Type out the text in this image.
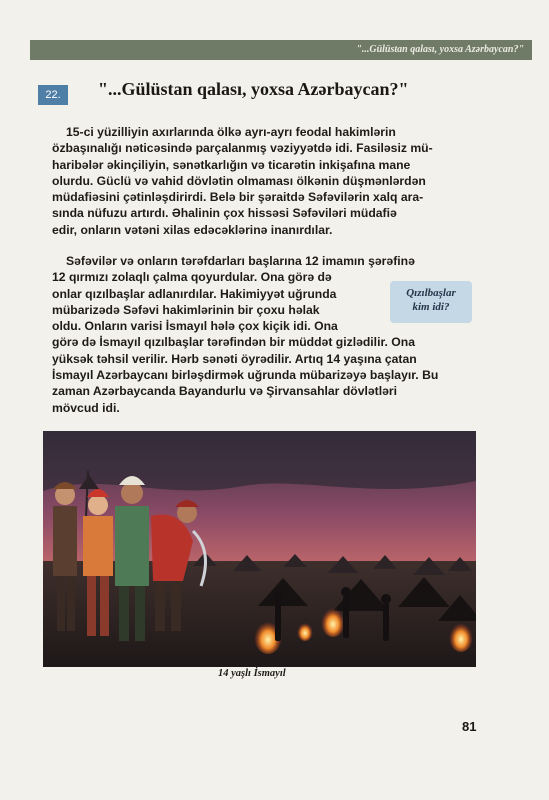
"...Gülüstan qalası, yoxsa Azərbaycan?"
22.	"...Gülüstan qalası, yoxsa Azərbaycan?"
15-ci yüzilliyin axırlarında ölkə ayrı-ayrı feodal hakimlərin
özbaşınalığı nəticəsində parçalanmış vəziyyətdə idi. Fasiləsiz mü-
haribələr əkinçiliyin, sənətkarlığın və ticarətin inkişafına mane
olurdu. Güclü və vahid dövlətin olmaması ölkənin düşmənlərdən
müdafiəsini çətinləşdirirdi. Belə bir şəraitdə Səfəvilərin xalq ara-
sında nüfuzu artırdı. Əhalinin çox hissəsi Səfəviləri müdafiə
edir, onların vətəni xilas edəcəklərinə inanırdılar.
Səfəvilər və onların tərəfdarları başlarına 12 imamın şərəfinə
12 qırmızı zolaqlı çalma qoyurdular. Ona görə də
onlar qızılbaşlar adlanırdılar. Hakimiyyət uğrunda
mübarizədə Səfəvi hakimlərinin bir çoxu həlak
oldu. Onların varisi İsmayıl hələ çox kiçik idi. Ona
görə də İsmayıl qızılbaşlar tərəfindən bir müddət gizlədilir. Ona
yüksək təhsil verilir. Hərb sənəti öyrədilir. Artıq 14 yaşına çatan
İsmayıl Azərbaycanı birləşdirmək uğrunda mübarizəyə başlayır. Bu
zaman Azərbaycanda Bayandurlu və Şirvansahlar dövlətləri
mövcud idi.
Qızılbaşlar
kim idi?
14 yaşlı İsmayıl
81
